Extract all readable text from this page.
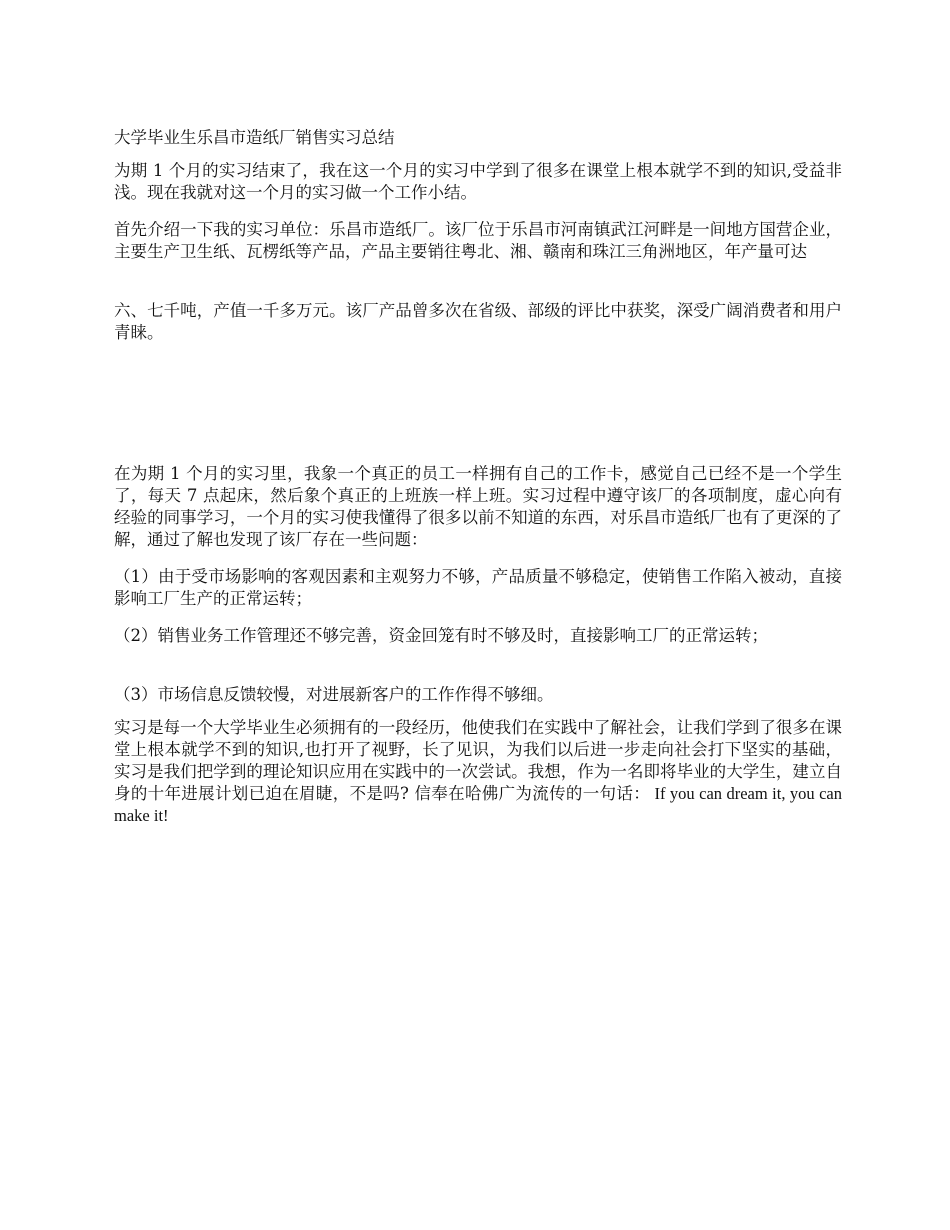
大学毕业生乐昌市造纸厂销售实习总结

为期 1 个月的实习结束了，我在这一个月的实习中学到了很多在课堂上根本就学不到的知识,受益非浅。现在我就对这一个月的实习做一个工作小结。

首先介绍一下我的实习单位：乐昌市造纸厂。该厂位于乐昌市河南镇武江河畔是一间地方国营企业，主要生产卫生纸、瓦楞纸等产品，产品主要销往粤北、湘、赣南和珠江三角洲地区，年产量可达

六、七千吨，产值一千多万元。该厂产品曾多次在省级、部级的评比中获奖，深受广阔消费者和用户青睐。

在为期 1 个月的实习里，我象一个真正的员工一样拥有自己的工作卡，感觉自己已经不是一个学生了，每天 7 点起床，然后象个真正的上班族一样上班。实习过程中遵守该厂的各项制度，虚心向有经验的同事学习，一个月的实习使我懂得了很多以前不知道的东西，对乐昌市造纸厂也有了更深的了解，通过了解也发现了该厂存在一些问题：

（1）由于受市场影响的客观因素和主观努力不够，产品质量不够稳定，使销售工作陷入被动，直接影响工厂生产的正常运转；

（2）销售业务工作管理还不够完善，资金回笼有时不够及时，直接影响工厂的正常运转；

（3）市场信息反馈较慢，对进展新客户的工作作得不够细。

实习是每一个大学毕业生必须拥有的一段经历，他使我们在实践中了解社会，让我们学到了很多在课堂上根本就学不到的知识,也打开了视野，长了见识，为我们以后进一步走向社会打下坚实的基础，实习是我们把学到的理论知识应用在实践中的一次尝试。我想，作为一名即将毕业的大学生，建立自身的十年进展计划已迫在眉睫，不是吗? 信奉在哈佛广为流传的一句话： If you can dream it, you can make it!
